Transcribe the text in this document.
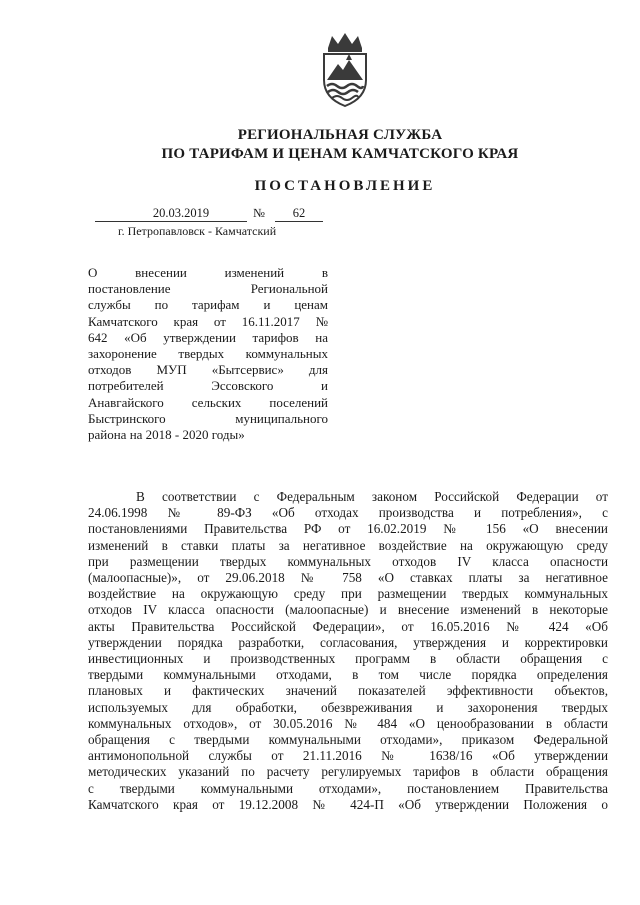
РЕГИОНАЛЬНАЯ СЛУЖБА
ПО ТАРИФАМ И ЦЕНАМ КАМЧАТСКОГО КРАЯ
ПОСТАНОВЛЕНИЕ
20.03.2019	№	62
г. Петропавловск - Камчатский
О внесении изменений в
постановление Региональной
службы по тарифам и ценам
Камчатского края от 16.11.2017 №
642 «Об утверждении тарифов на
захоронение твердых коммунальных
отходов МУП «Бытсервис» для
потребителей Эссовского и
Анавгайского сельских поселений
Быстринского муниципального
района на 2018 - 2020 годы»
В соответствии с Федеральным законом Российской Федерации от
24.06.1998 № 89-ФЗ «Об отходах производства и потребления», с
постановлениями Правительства РФ от 16.02.2019 № 156 «О внесении
изменений в ставки платы за негативное воздействие на окружающую среду
при размещении твердых коммунальных отходов IV класса опасности
(малоопасные)», от 29.06.2018 № 758 «О ставках платы за негативное
воздействие на окружающую среду при размещении твердых коммунальных
отходов IV класса опасности (малоопасные) и внесение изменений в некоторые
акты Правительства Российской Федерации», от 16.05.2016 № 424 «Об
утверждении порядка разработки, согласования, утверждения и корректировки
инвестиционных и производственных программ в области обращения с
твердыми коммунальными отходами, в том числе порядка определения
плановых и фактических значений показателей эффективности объектов,
используемых для обработки, обезвреживания и захоронения твердых
коммунальных отходов», от 30.05.2016 № 484 «О ценообразовании в области
обращения с твердыми коммунальными отходами», приказом Федеральной
антимонопольной службы от 21.11.2016 № 1638/16 «Об утверждении
методических указаний по расчету регулируемых тарифов в области обращения
с твердыми коммунальными отходами», постановлением Правительства
Камчатского края от 19.12.2008 № 424-П «Об утверждении Положения о
